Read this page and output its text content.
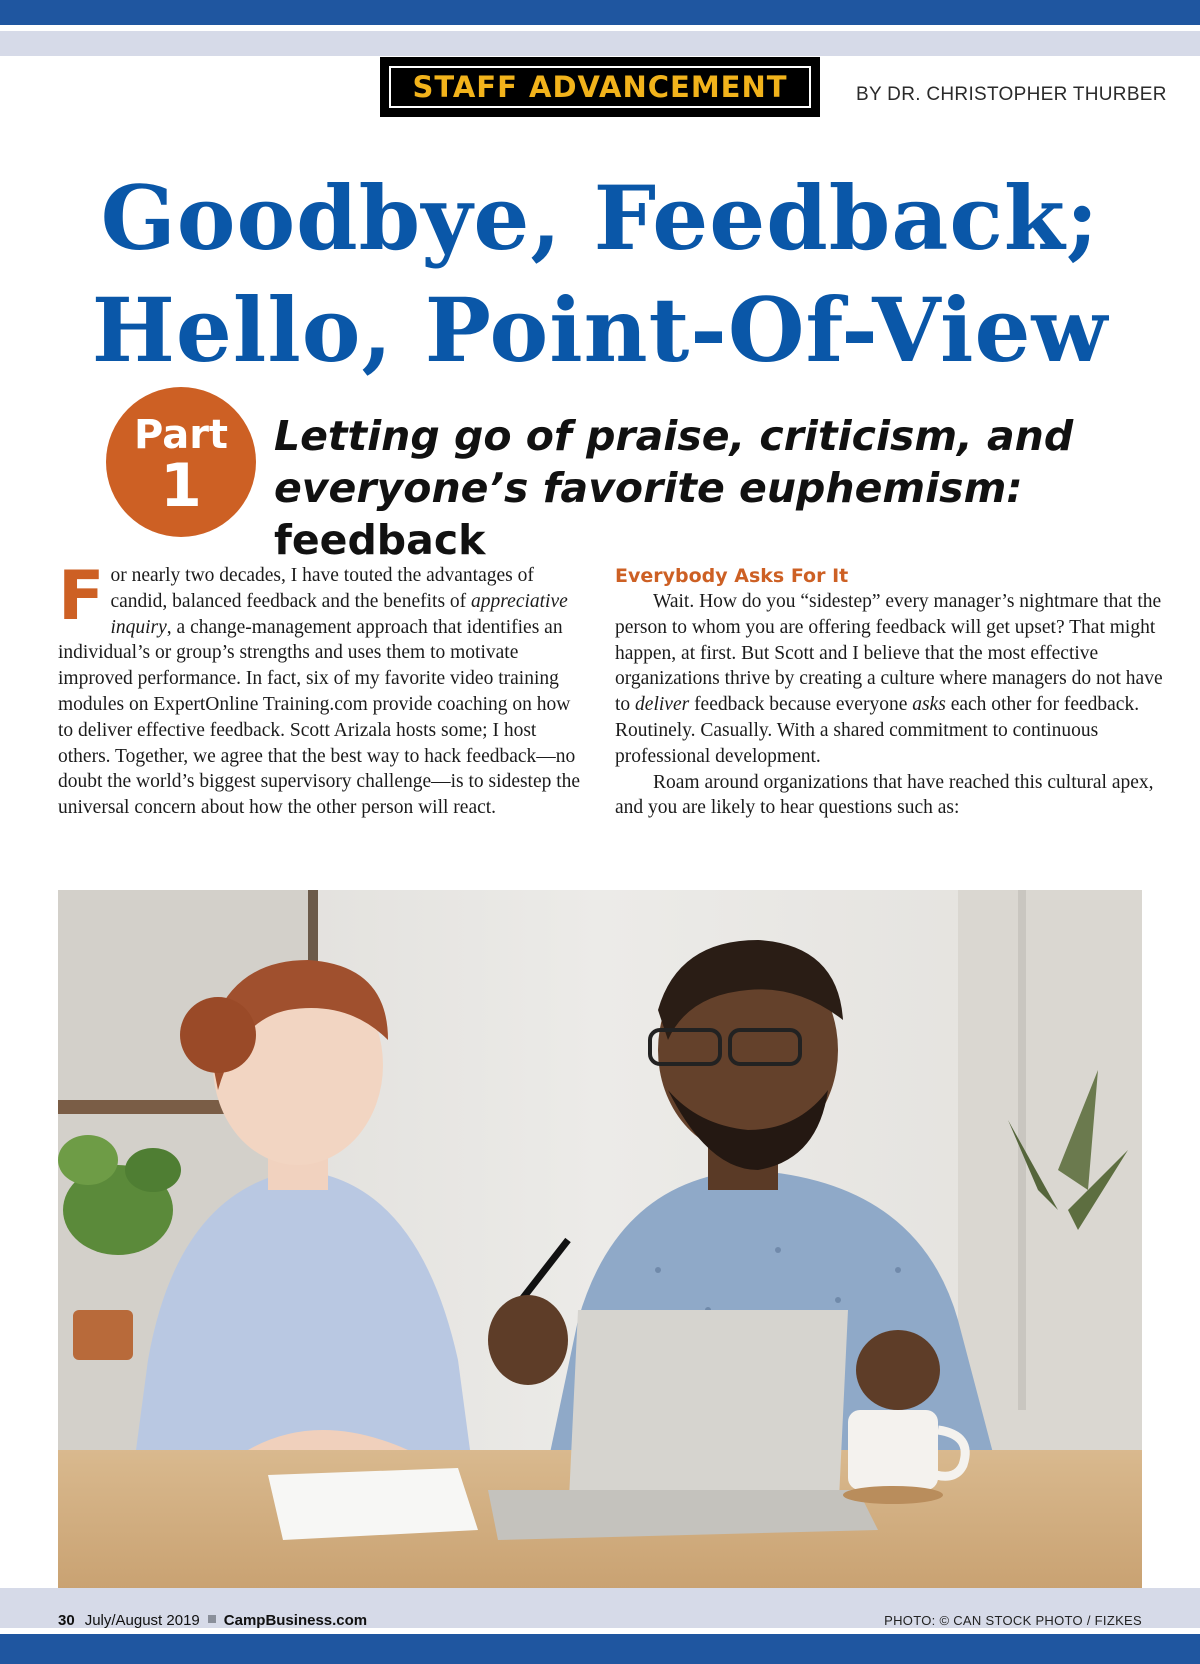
STAFF ADVANCEMENT	BY DR. CHRISTOPHER THURBER
Goodbye, Feedback;
Hello, Point-Of-View
Part
1
Letting go of praise, criticism, and
everyone’s favorite euphemism: feedback

For nearly two decades, I have touted the advantages of candid, balanced feedback and the benefits of appreciative inquiry, a change-management approach that identifies an individual’s or group’s strengths and uses them to motivate improved performance. In fact, six of my favorite video training modules on ExpertOnline Training.com provide coaching on how to deliver effective feedback. Scott Arizala hosts some; I host others. Together, we agree that the best way to hack feedback—no doubt the world’s biggest supervisory challenge—is to sidestep the universal concern about how the other person will react.

Everybody Asks For It

Wait. How do you “sidestep” every manager’s nightmare that the person to whom you are offering feedback will get upset? That might happen, at first. But Scott and I believe that the most effective organizations thrive by creating a culture where managers do not have to deliver feedback because everyone asks each other for feedback. Routinely. Casually. With a shared commitment to continuous professional development.

Roam around organizations that have reached this cultural apex, and you are likely to hear questions such as:

30 July/August 2019 CampBusiness.com	PHOTO: © CAN STOCK PHOTO / FIZKES
